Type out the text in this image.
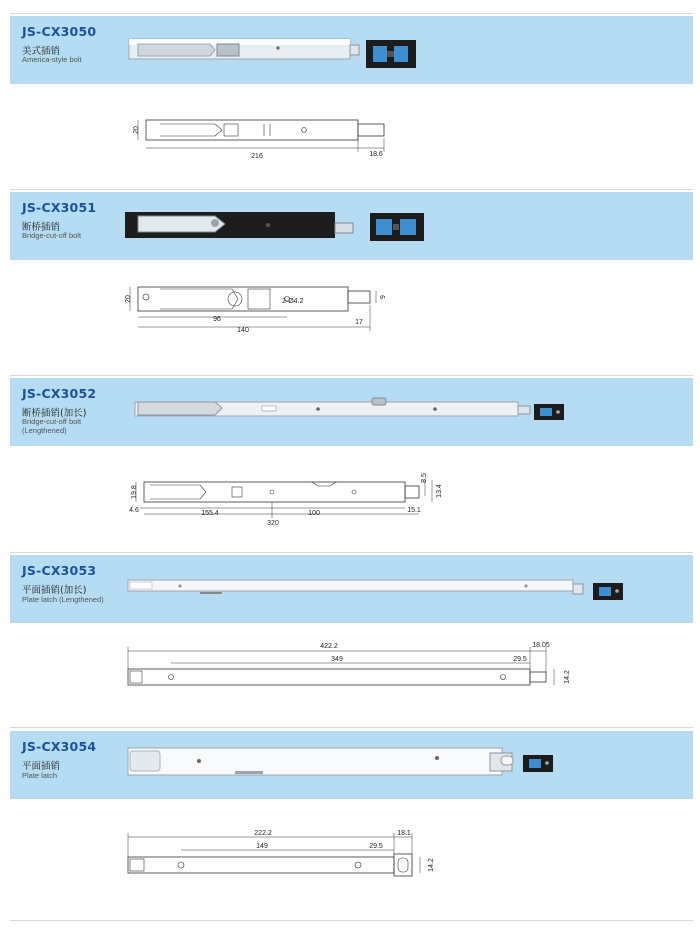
JS-CX3050
美式插销
America-style bolt
20
216	18.6
JS-CX3051
断桥插销
Bridge-cut-off bolt
20	2-Ø4.2
96
140
17
9
JS-CX3052
断桥插销(加长)
Bridge-cut-off bolt
(Lengthened)
19.8
4.6	155.4	100
320
15.1
8.5
13.4
JS-CX3053
平面插销(加长)
Plate latch (Lengthened)
422.2
349	29.5
18.05
14.2
JS-CX3054
平面插销
Plate latch
222.2
149	29.5
18.1
14.2
